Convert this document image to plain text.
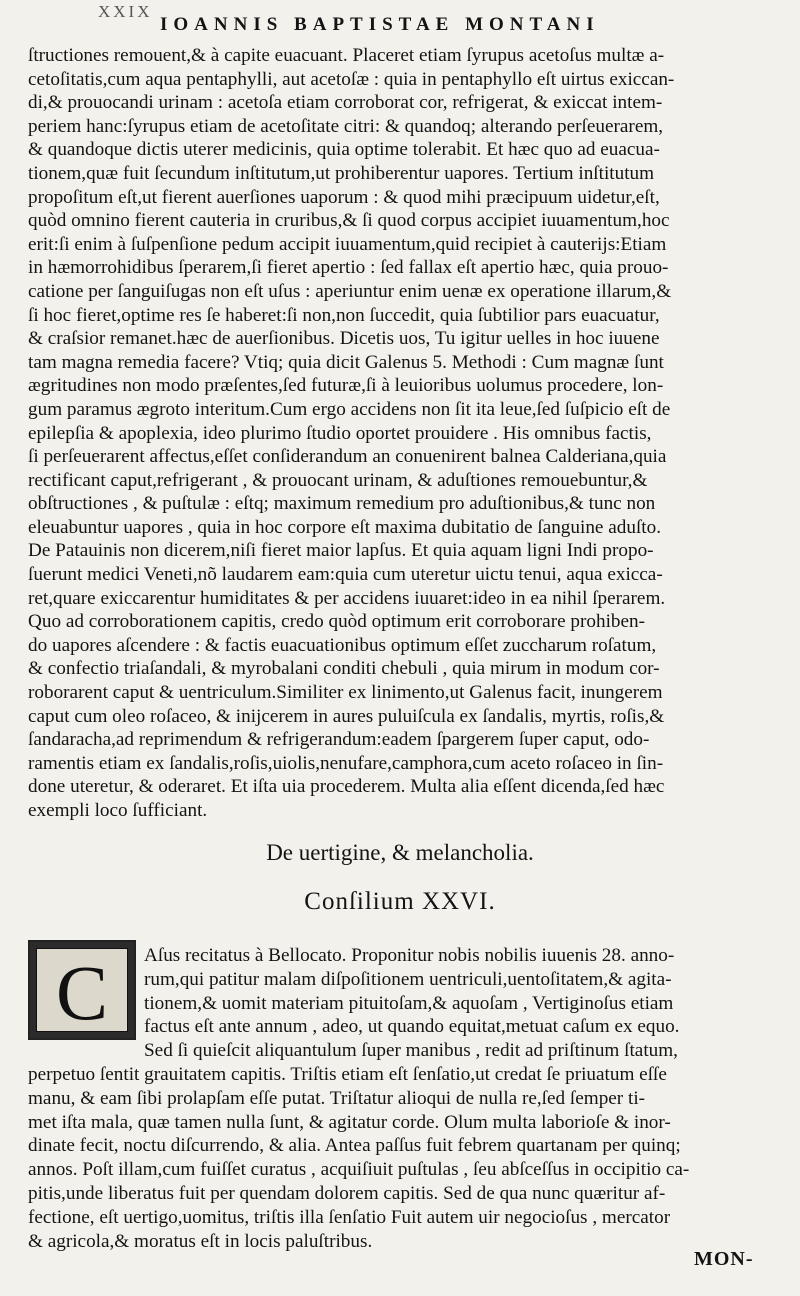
XXIX
IOANNIS BAPTISTAE MONTANI
ſtructiones remouent,& à capite euacuant. Placeret etiam ſyrupus acetoſus multæ a-
cetoſitatis,cum aqua pentaphylli, aut acetoſæ : quia in pentaphyllo eſt uirtus exiccan-
di,& prouocandi urinam : acetoſa etiam corroborat cor, refrigerat, & exiccat intem-
periem hanc:ſyrupus etiam de acetoſitate citri: & quandoq; alterando perſeuerarem,
& quandoque dictis uterer medicinis, quia optime tolerabit. Et hæc quo ad euacua-
tionem,quæ fuit ſecundum inſtitutum,ut prohiberentur uapores. Tertium inſtitutum
propoſitum eſt,ut fierent auerſiones uaporum : & quod mihi præcipuum uidetur,eſt,
quòd omnino fierent cauteria in cruribus,& ſi quod corpus accipiet iuuamentum,hoc
erit:ſi enim à ſuſpenſione pedum accipit iuuamentum,quid recipiet à cauterijs:Etiam
in hæmorrohidibus ſperarem,ſi fieret apertio : ſed fallax eſt apertio hæc, quia prouo-
catione per ſanguiſugas non eſt uſus : aperiuntur enim uenæ ex operatione illarum,&
ſi hoc fieret,optime res ſe haberet:ſi non,non ſuccedit, quia ſubtilior pars euacuatur,
& craſsior remanet.hæc de auerſionibus. Dicetis uos, Tu igitur uelles in hoc iuuene
tam magna remedia facere? Vtiq; quia dicit Galenus 5. Methodi : Cum magnæ ſunt
ægritudines non modo præſentes,ſed futuræ,ſi à leuioribus uolumus procedere, lon-
gum paramus ægroto interitum.Cum ergo accidens non ſit ita leue,ſed ſuſpicio eſt de
epilepſia & apoplexia, ideo plurimo ſtudio oportet prouidere . His omnibus factis,
ſi perſeuerarent affectus,eſſet conſiderandum an conuenirent balnea Calderiana,quia
rectificant caput,refrigerant , & prouocant urinam, & aduſtiones remouebuntur,&
obſtructiones , & puſtulæ : eſtq; maximum remedium pro aduſtionibus,& tunc non
eleuabuntur uapores , quia in hoc corpore eſt maxima dubitatio de ſanguine aduſto.
De Patauinis non dicerem,niſi fieret maior lapſus. Et quia aquam ligni Indi propo-
ſuerunt medici Veneti,nõ laudarem eam:quia cum uteretur uictu tenui, aqua exicca-
ret,quare exiccarentur humiditates & per accidens iuuaret:ideo in ea nihil ſperarem.
Quo ad corroborationem capitis, credo quòd optimum erit corroborare prohiben-
do uapores aſcendere : & factis euacuationibus optimum eſſet zuccharum roſatum,
& confectio triaſandali, & myrobalani conditi chebuli , quia mirum in modum cor-
roborarent caput & uentriculum.Similiter ex linimento,ut Galenus facit, inungerem
caput cum oleo roſaceo, & inijcerem in aures puluiſcula ex ſandalis, myrtis, roſis,&
ſandaracha,ad reprimendum & refrigerandum:eadem ſpargerem ſuper caput, odo-
ramentis etiam ex ſandalis,roſis,uiolis,nenufare,camphora,cum aceto roſaceo in ſin-
done uteretur, & oderaret. Et iſta uia procederem. Multa alia eſſent dicenda,ſed hæc
exempli loco ſufficiant.
De uertigine, & melancholia.
Conſilium XXVI.
C	Aſus recitatus à Bellocato. Proponitur nobis nobilis iuuenis 28. anno-
rum,qui patitur malam diſpoſitionem uentriculi,uentoſitatem,& agita-
tionem,& uomit materiam pituitoſam,& aquoſam , Vertiginoſus etiam
factus eſt ante annum , adeo, ut quando equitat,metuat caſum ex equo.
Sed ſi quieſcit aliquantulum ſuper manibus , redit ad priſtinum ſtatum,
perpetuo ſentit grauitatem capitis. Triſtis etiam eſt ſenſatio,ut credat ſe priuatum eſſe
manu, & eam ſibi prolapſam eſſe putat. Triſtatur alioqui de nulla re,ſed ſemper ti-
met iſta mala, quæ tamen nulla ſunt, & agitatur corde. Olum multa laborioſe & inor-
dinate fecit, noctu diſcurrendo, & alia. Antea paſſus fuit febrem quartanam per quinq;
annos. Poſt illam,cum fuiſſet curatus , acquiſiuit puſtulas , ſeu abſceſſus in occipitio ca-
pitis,unde liberatus fuit per quendam dolorem capitis. Sed de qua nunc quæritur af-
fectione, eſt uertigo,uomitus, triſtis illa ſenſatio Fuit autem uir negocioſus , mercator
& agricola,& moratus eſt in locis paluſtribus.
MON-
